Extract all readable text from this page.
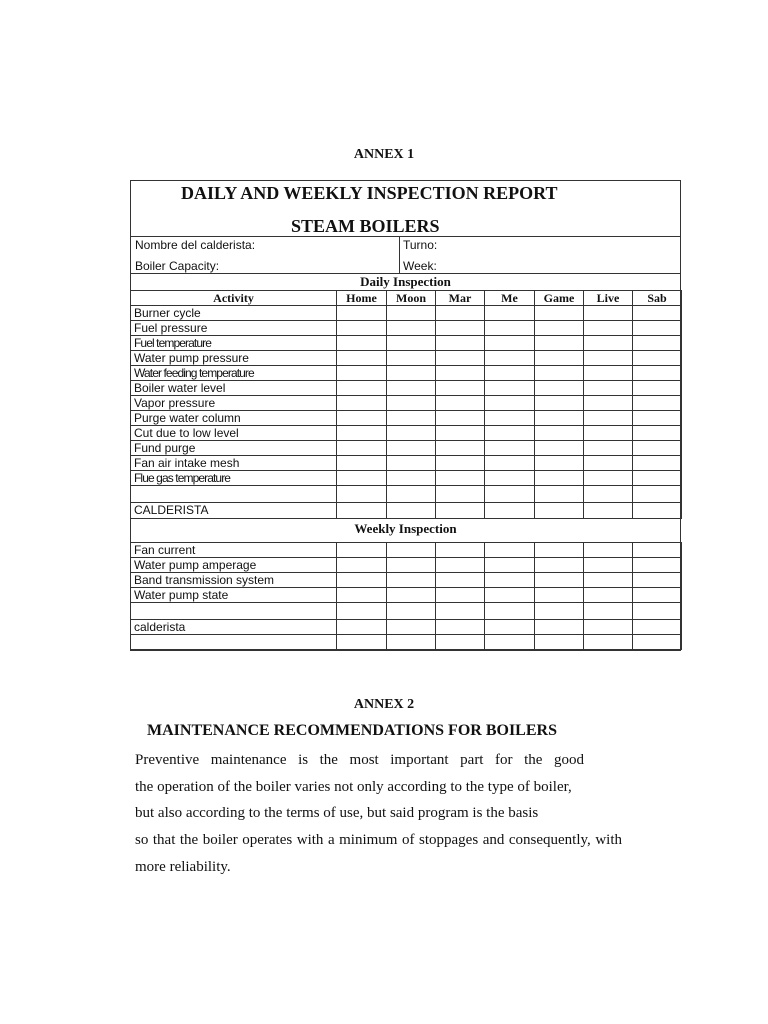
ANNEX 1
DAILY AND WEEKLY INSPECTION REPORT
STEAM BOILERS
Nombre del calderista:	Turno:
Boiler Capacity:	Week:
Daily Inspection
Activity	Home	Moon	Mar	Me	Game	Live	Sab
Burner cycle							
Fuel pressure							
Fuel temperature							
Water pump pressure							
Water feeding temperature							
Boiler water level							
Vapor pressure							
Purge water column							
Cut due to low level							
Fund purge							
Fan air intake mesh							
Flue gas temperature							

CALDERISTA							
Weekly Inspection
Fan current							
Water pump amperage							
Band transmission system							
Water pump state							

calderista							

ANNEX 2
MAINTENANCE RECOMMENDATIONS FOR BOILERS
Preventive maintenance is the most important part for the good
the operation of the boiler varies not only according to the type of boiler,
but also according to the terms of use, but said program is the basis
so that the boiler operates with a minimum of stoppages and consequently, with
more reliability.
